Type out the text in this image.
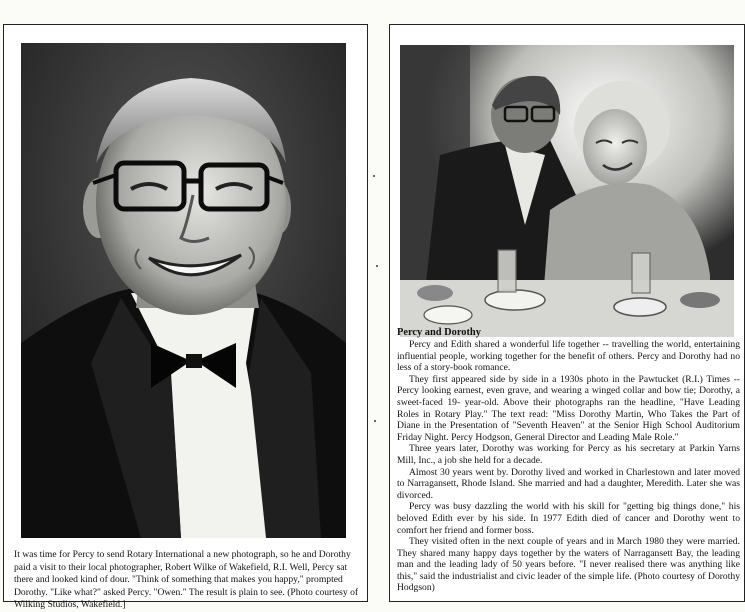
It was time for Percy to send Rotary International a new photograph, so he and Dorothy paid a visit to their local photographer, Robert Wilke of Wakefield, R.I. Well, Percy sat there and looked kind of dour. "Think of something that makes you happy," prompted Dorothy. "Like what?" asked Percy. "Owen." The result is plain to see. (Photo courtesy of Wilking Studios, Wakefield.]

Percy and Dorothy

Percy and Edith shared a wonderful life together -- travelling the world, entertaining influential people, working together for the benefit of others. Percy and Dorothy had no less of a story-book romance.

They first appeared side by side in a 1930s photo in the Pawtucket (R.I.) Times -- Percy looking earnest, even grave, and wearing a winged collar and bow tie; Dorothy, a sweet-faced 19- year-old. Above their photographs ran the headline, "Have Leading Roles in Rotary Play." The text read: "Miss Dorothy Martin, Who Takes the Part of Diane in the Presentation of "Seventh Heaven" at the Senior High School Auditorium Friday Night. Percy Hodgson, General Director and Leading Male Role."

Three years later, Dorothy was working for Percy as his secretary at Parkin Yarns Mill, Inc., a job she held for a decade.

Almost 30 years went by. Dorothy lived and worked in Charlestown and later moved to Narragansett, Rhode Island. She married and had a daughter, Meredith. Later she was divorced.

Percy was busy dazzling the world with his skill for "getting big things done," his beloved Edith ever by his side. In 1977 Edith died of cancer and Dorothy went to comfort her friend and former boss.

They visited often in the next couple of years and in March 1980 they were married. They shared many happy days together by the waters of Narragansett Bay, the leading man and the leading lady of 50 years before. "I never realised there was anything like this," said the industrialist and civic leader of the simple life. (Photo courtesy of Dorothy Hodgson)
